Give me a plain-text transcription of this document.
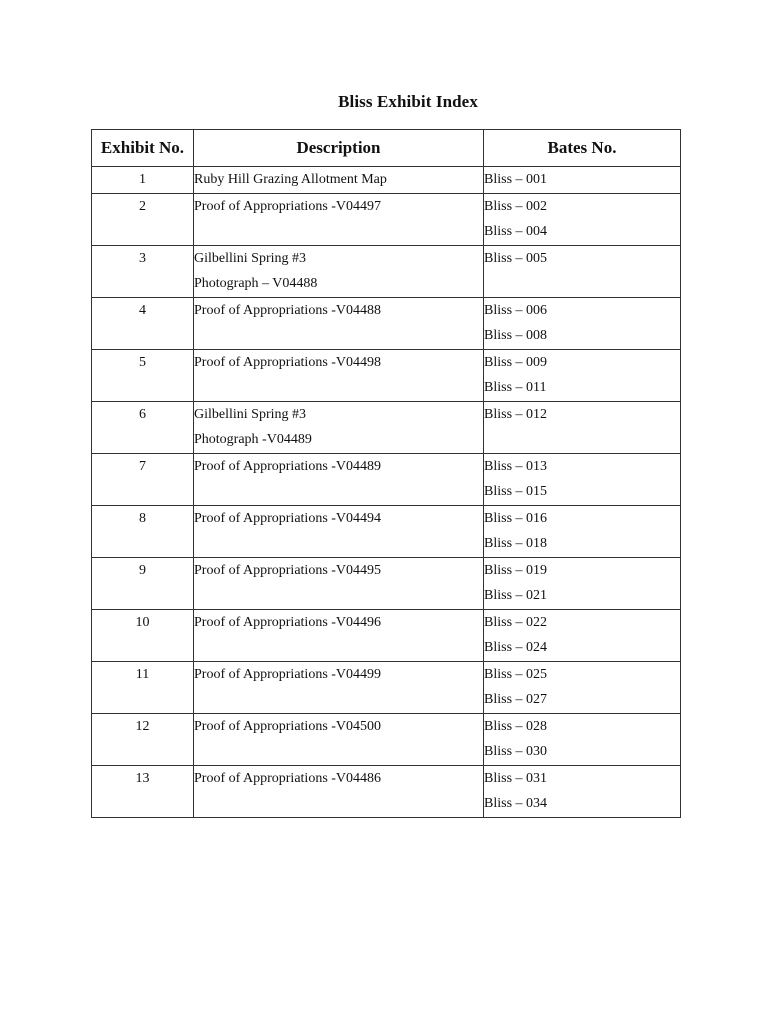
Bliss Exhibit Index
Exhibit No.	Description	Bates No.
1	Ruby Hill Grazing Allotment Map	Bliss – 001

2	Proof of Appropriations -V04497	Bliss – 002
Bliss – 004

3	Gilbellini Spring #3
Photograph – V04488	Bliss – 005

4	Proof of Appropriations -V04488	Bliss – 006
Bliss – 008

5	Proof of Appropriations -V04498	Bliss – 009
Bliss – 011

6	Gilbellini Spring #3
Photograph -V04489	Bliss – 012

7	Proof of Appropriations -V04489	Bliss – 013
Bliss – 015

8	Proof of Appropriations -V04494	Bliss – 016
Bliss – 018

9	Proof of Appropriations -V04495	Bliss – 019
Bliss – 021

10	Proof of Appropriations -V04496	Bliss – 022
Bliss – 024

11	Proof of Appropriations -V04499	Bliss – 025
Bliss – 027

12	Proof of Appropriations -V04500	Bliss – 028
Bliss – 030

13	Proof of Appropriations -V04486	Bliss – 031
Bliss – 034
